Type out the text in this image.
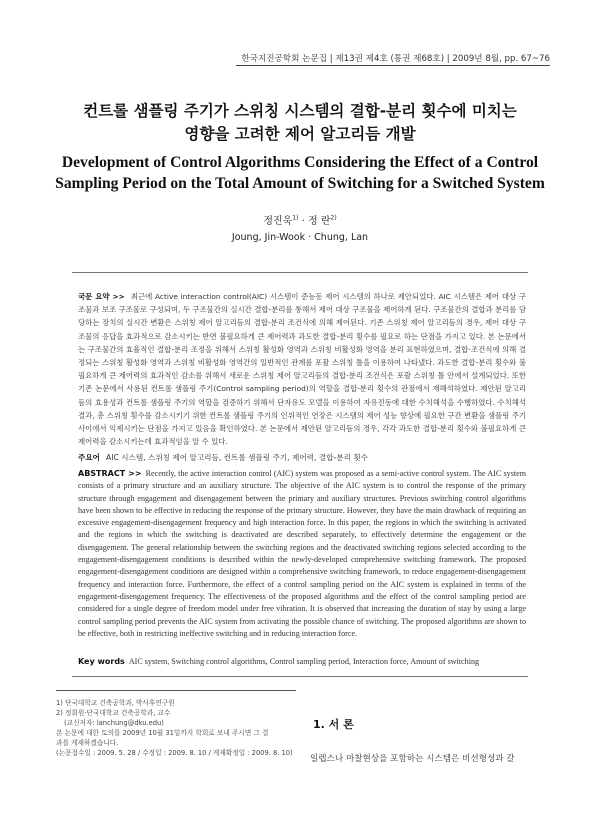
한국지진공학회 논문집 | 제13권 제4호 (통권 제68호) | 2009년 8월, pp. 67~76
컨트롤 샘플링 주기가 스위칭 시스템의 결합-분리 횟수에 미치는
영향을 고려한 제어 알고리듬 개발
Development of Control Algorithms Considering the Effect of a Control
Sampling Period on the Total Amount of Switching for a Switched System
정진욱$^{1)}$ · 정 란$^{2)}$
Joung, Jin-Wook · Chung, Lan
국문 요약 >> 최근에 Active interaction control(AIC) 시스템이 준능동 제어 시스템의 하나로 제안되었다. AIC 시스템은 제어 대상 구조물과 보조 구조물로 구성되며, 두 구조물간의 실시간 결합-분리를 통해서 제어 대상 구조물을 제어하게 된다. 구조물간의 결합과 분리를 담당하는 장치의 실시간 변환은 스위칭 제어 알고리듬의 결합-분리 조건식에 의해 제어된다. 기존 스위칭 제어 알고리듬의 경우, 제어 대상 구조물의 응답을 효과적으로 감소시키는 반면 불필요하게 큰 제어력과 과도한 결합-분리 횟수를 필요로 하는 단점을 가지고 있다. 본 논문에서는 구조물간의 효율적인 결합-분리 조정을 위해서 스위칭 활성화 영역과 스위칭 비활성화 영역을 분리 표현하였으며, 결합-조건식에 의해 결정되는 스위칭 활성화 영역과 스위칭 비활성화 영역간의 일반적인 관계를 포괄 스위칭 틀을 이용하여 나타냈다. 과도한 결합-분리 횟수와 불필요하게 큰 제어력의 효과적인 감소를 위해서 새로운 스위칭 제어 알고리듬의 결합-분리 조건식은 포괄 스위칭 틀 안에서 설계되었다. 또한 기존 논문에서 사용된 컨트롤 샘플링 주기(Control sampling period)의 역할을 결합-분리 횟수의 관점에서 재해석하였다. 제안된 알고리듬의 효용성과 컨트롤 샘플링 주기의 역할을 검증하기 위해서 단자유도 모델을 이용하여 자유진동에 대한 수치해석을 수행하였다. 수치해석결과, 총 스위칭 횟수를 감소시키기 위한 컨트롤 샘플링 주기의 인위적인 연장은 시스템의 제어 성능 향상에 필요한 구간 변환을 샘플링 주기 사이에서 익제시키는 단점을 가지고 있음을 확인하였다. 본 논문에서 제안된 알고리듬의 경우, 각각 과도한 결합-분리 횟수와 불필요하게 큰 제어력을 감소시키는데 효과적임을 알 수 있다.
주요어 AIC 시스템, 스위칭 제어 알고리듬, 컨트롤 샘플링 주기, 제어력, 결합-분리 횟수
ABSTRACT >> Recently, the active interaction control (AIC) system was proposed as a semi-active control system. The AIC system consists of a primary structure and an auxiliary structure. The objective of the AIC system is to control the response of the primary structure through engagement and disengagement between the primary and auxiliary structures. Previous switching control algorithms have been shown to be effective in reducing the response of the primary structure. However, they have the main drawback of requiring an excessive engagement-disengagement frequency and high interaction force. In this paper, the regions in which the switching is activated and the regions in which the switching is deactivated are described separately, to effectively determine the engagement or the disengagement. The general relationship between the switching regions and the deactivated switching regions selected according to the engagement-disengagement conditions is described within the newly-developed comprehensive switching framework. The proposed engagement-disengagement conditions are designed within a comprehensive switching framework, to reduce engagement-disengagement frequency and interaction force. Furthermore, the effect of a control sampling period on the AIC system is explained in terms of the engagement-disengagement frequency. The effectiveness of the proposed algorithms and the effect of the control sampling period are considered for a single degree of freedom model under free vibration. It is observed that increasing the duration of stay by using a large control sampling period prevents the AIC system from activating the possible chance of switching. The proposed algorithms are shown to be effective, both in restricting ineffective switching and in reducing interaction force.
Key words AIC system, Switching control algorithms, Control sampling period, Interaction force, Amount of switching

1) 단국대학교 건축공학과, 박사후연구원

2) 정회원·단국대학교 건축공학과, 교수

(교신저자: lanchung@dku.edu)

본 논문에 대한 토의를 2009년 10월 31일까지 학회로 보내 주시면 그 결

과를 게재하겠습니다.

(논문접수일 : 2009. 5. 28 / 수정일 : 2009. 8. 10 / 게재확정일 : 2009. 8. 10)

1. 서 론
일렙스나 마찰현상을 포함하는 시스템은 비선형성과 갈
